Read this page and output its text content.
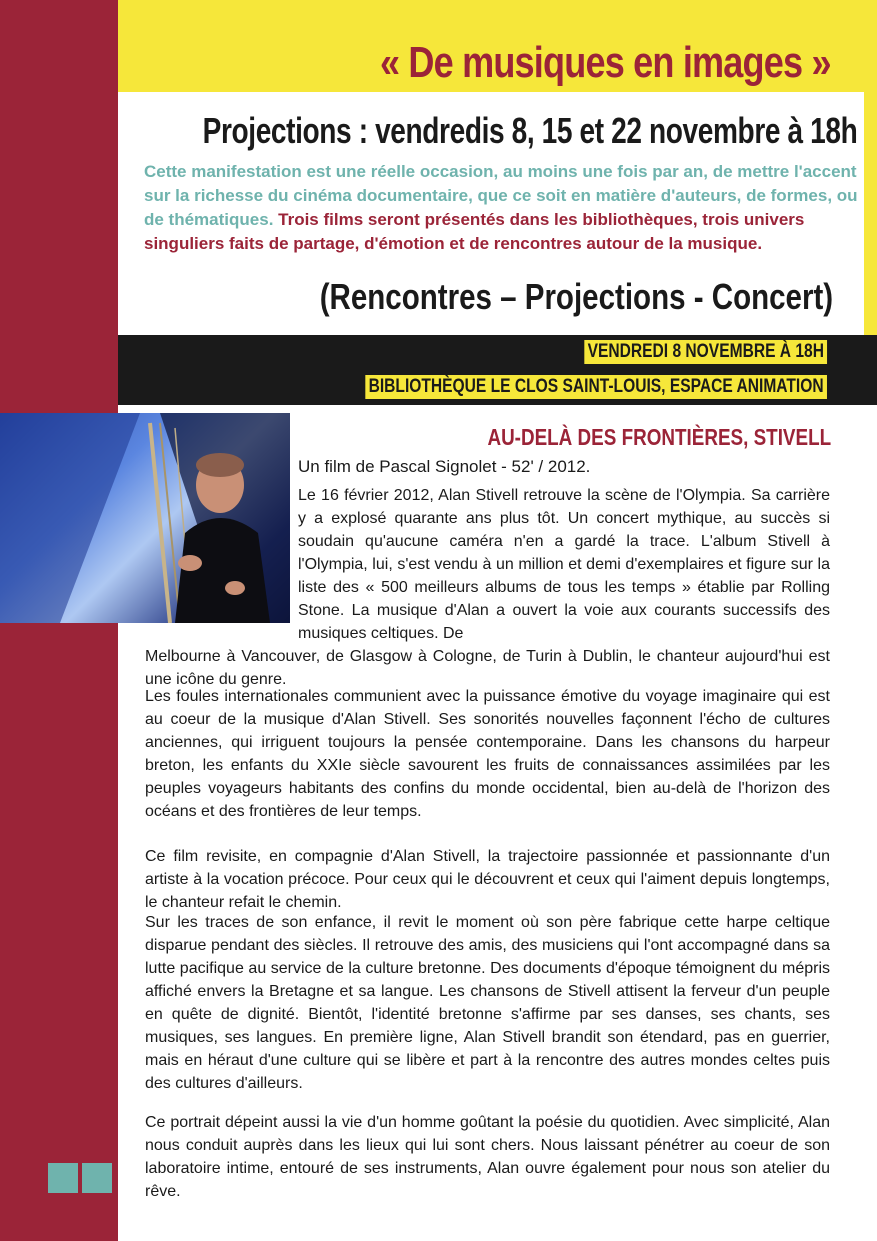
« De musiques en images »
Projections : vendredis 8, 15 et 22 novembre à 18h

Cette manifestation est une réelle occasion, au moins une fois par an, de mettre l'accent sur la richesse du cinéma documentaire, que ce soit en matière d'auteurs, de formes, ou de thématiques. Trois films seront présentés dans les bibliothèques, trois univers singuliers faits de partage, d'émotion et de rencontres autour de la musique.

(Rencontres – Projections - Concert)

VENDREDI 8 NOVEMBRE À 18H

BIBLIOTHÈQUE LE CLOS SAINT-LOUIS, ESPACE ANIMATION

AU-DELÀ DES FRONTIÈRES, STIVELL

Un film de Pascal Signolet - 52' / 2012.

Le 16 février 2012, Alan Stivell retrouve la scène de l'Olympia. Sa carrière y a explosé quarante ans plus tôt. Un concert mythique, au succès si soudain qu'aucune caméra n'en a gardé la trace. L'album Stivell à l'Olympia, lui, s'est vendu à un million et demi d'exemplaires et figure sur la liste des « 500 meilleurs albums de tous les temps » établie par Rolling Stone. La musique d'Alan a ouvert la voie aux courants successifs des musiques celtiques. De

Melbourne à Vancouver, de Glasgow à Cologne, de Turin à Dublin, le chanteur aujourd'hui est une icône du genre.

Les foules internationales communient avec la puissance émotive du voyage imaginaire qui est au coeur de la musique d'Alan Stivell. Ses sonorités nouvelles façonnent l'écho de cultures anciennes, qui irriguent toujours la pensée contemporaine. Dans les chansons du harpeur breton, les enfants du XXIe siècle savourent les fruits de connaissances assimilées par les peuples voyageurs habitants des confins du monde occidental, bien au-delà de l'horizon des océans et des frontières de leur temps.

Ce film revisite, en compagnie d'Alan Stivell, la trajectoire passionnée et passionnante d'un artiste à la vocation précoce. Pour ceux qui le découvrent et ceux qui l'aiment depuis longtemps, le chanteur refait le chemin.

Sur les traces de son enfance, il revit le moment où son père fabrique cette harpe celtique disparue pendant des siècles. Il retrouve des amis, des musiciens qui l'ont accompagné dans sa lutte pacifique au service de la culture bretonne. Des documents d'époque témoignent du mépris affiché envers la Bretagne et sa langue. Les chansons de Stivell attisent la ferveur d'un peuple en quête de dignité. Bientôt, l'identité bretonne s'affirme par ses danses, ses chants, ses musiques, ses langues. En première ligne, Alan Stivell brandit son étendard, pas en guerrier, mais en héraut d'une culture qui se libère et part à la rencontre des autres mondes celtes puis des cultures d'ailleurs.

Ce portrait dépeint aussi la vie d'un homme goûtant la poésie du quotidien. Avec simplicité, Alan nous conduit auprès dans les lieux qui lui sont chers. Nous laissant pénétrer au coeur de son laboratoire intime, entouré de ses instruments, Alan ouvre également pour nous son atelier du rêve.
